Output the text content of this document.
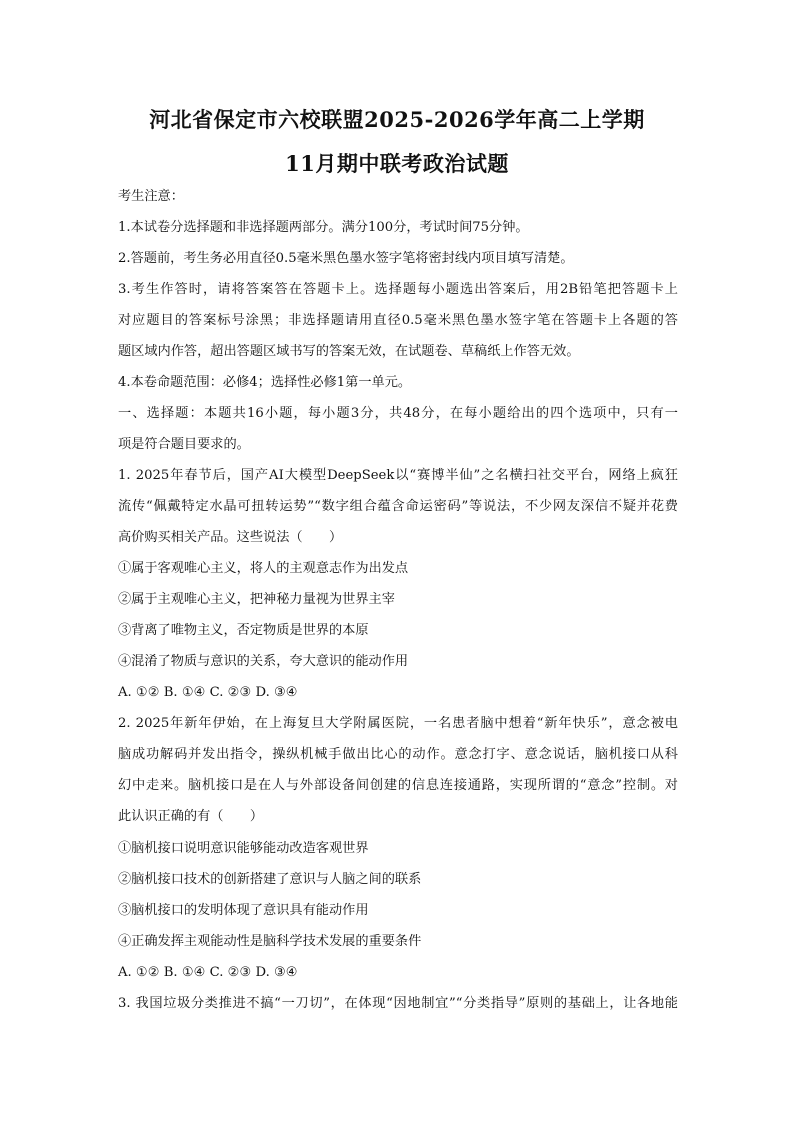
河北省保定市六校联盟2025-2026学年高二上学期
11月期中联考政治试题
考生注意：
1.本试卷分选择题和非选择题两部分。满分100分，考试时间75分钟。
2.答题前，考生务必用直径0.5毫米黑色墨水签字笔将密封线内项目填写清楚。
3.考生作答时，请将答案答在答题卡上。选择题每小题选出答案后，用2B铅笔把答题卡上
对应题目的答案标号涂黑；非选择题请用直径0.5毫米黑色墨水签字笔在答题卡上各题的答
题区域内作答，超出答题区域书写的答案无效，在试题卷、草稿纸上作答无效。
4.本卷命题范围：必修4；选择性必修1第一单元。
一、选择题：本题共16小题，每小题3分，共48分，在每小题给出的四个选项中，只有一
项是符合题目要求的。
1. 2025年春节后，国产AI大模型DeepSeek以“赛博半仙”之名横扫社交平台，网络上疯狂
流传“佩戴特定水晶可扭转运势”“数字组合蕴含命运密码”等说法，不少网友深信不疑并花费
高价购买相关产品。这些说法（　　）
①属于客观唯心主义，将人的主观意志作为出发点
②属于主观唯心主义，把神秘力量视为世界主宰
③背离了唯物主义，否定物质是世界的本原
④混淆了物质与意识的关系，夸大意识的能动作用
A. ①② B. ①④ C. ②③ D. ③④
2. 2025年新年伊始，在上海复旦大学附属医院，一名患者脑中想着“新年快乐”，意念被电
脑成功解码并发出指令，操纵机械手做出比心的动作。意念打字、意念说话，脑机接口从科
幻中走来。脑机接口是在人与外部设备间创建的信息连接通路，实现所谓的“意念”控制。对
此认识正确的有（　　）
①脑机接口说明意识能够能动改造客观世界
②脑机接口技术的创新搭建了意识与人脑之间的联系
③脑机接口的发明体现了意识具有能动作用
④正确发挥主观能动性是脑科学技术发展的重要条件
A. ①② B. ①④ C. ②③ D. ③④
3. 我国垃圾分类推进不搞“一刀切”，在体现“因地制宜”“分类指导”原则的基础上，让各地能
